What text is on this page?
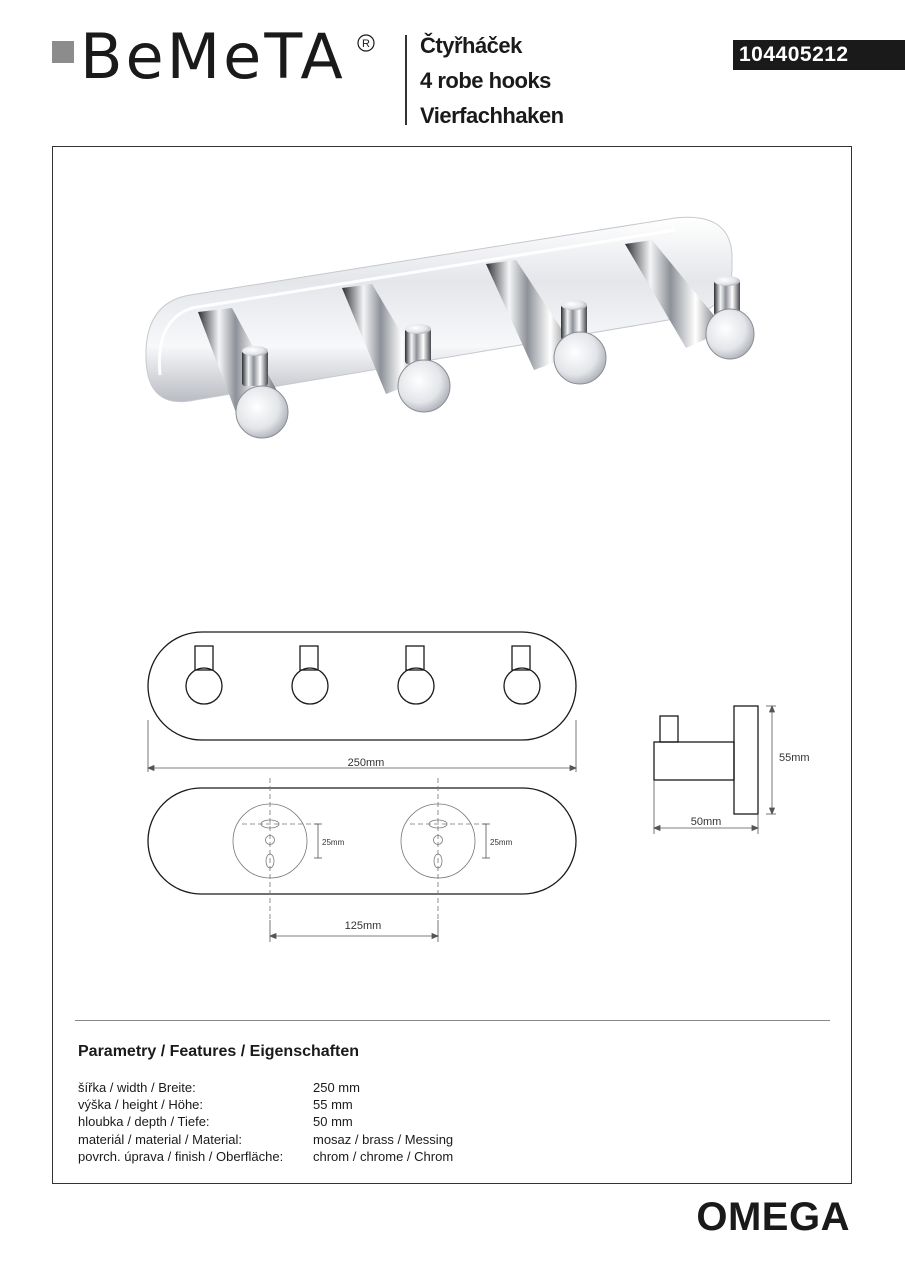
BeMeTA R Čtyřháček
4 robe hooks
Vierfachhaken
104405212
250mm
125mm
25mm	25mm
55mm
50mm
Parametry / Features / Eigenschaften
šířka / width / Breite:	250 mm
výška / height / Höhe:	55 mm
hloubka / depth / Tiefe:	50 mm
materiál / material / Material:	mosaz / brass / Messing
povrch. úprava / finish / Oberfläche: chrom / chrome / Chrom
OMEGA
